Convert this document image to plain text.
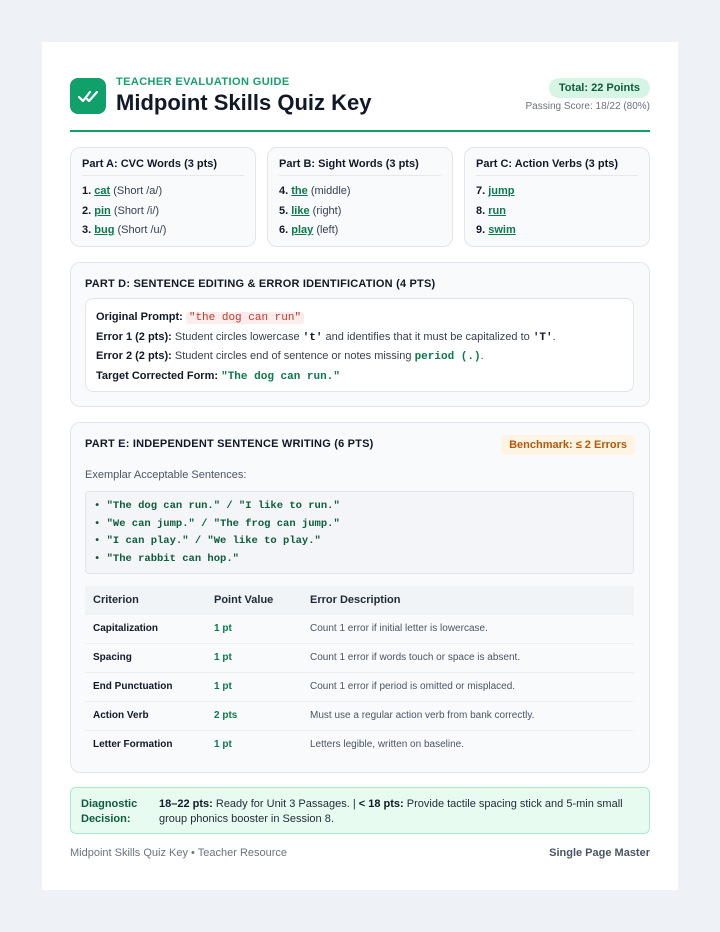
TEACHER EVALUATION GUIDE
Midpoint Skills Quiz Key
Total: 22 Points
Passing Score: 18/22 (80%)
Part A: CVC Words (3 pts)
1. cat (Short /a/)
2. pin (Short /i/)
3. bug (Short /u/)
Part B: Sight Words (3 pts)
4. the (middle)
5. like (right)
6. play (left)
Part C: Action Verbs (3 pts)
7. jump
8. run
9. swim
PART D: SENTENCE EDITING & ERROR IDENTIFICATION (4 PTS)
Original Prompt: "the dog can run"
Error 1 (2 pts): Student circles lowercase 't' and identifies that it must be capitalized to 'T'.
Error 2 (2 pts): Student circles end of sentence or notes missing period (.).
Target Corrected Form: "The dog can run."
PART E: INDEPENDENT SENTENCE WRITING (6 PTS)	Benchmark: ≤ 2 Errors
Exemplar Acceptable Sentences:
• "The dog can run." / "I like to run."
• "We can jump." / "The frog can jump."
• "I can play." / "We like to play."
• "The rabbit can hop."
Criterion	Point Value	Error Description
Capitalization	1 pt	Count 1 error if initial letter is lowercase.
Spacing	1 pt	Count 1 error if words touch or space is absent.
End Punctuation	1 pt	Count 1 error if period is omitted or misplaced.
Action Verb	2 pts	Must use a regular action verb from bank correctly.
Letter Formation	1 pt	Letters legible, written on baseline.
Diagnostic Decision:
18–22 pts: Ready for Unit 3 Passages. | < 18 pts: Provide tactile spacing stick and 5-min small group phonics booster in Session 8.
Midpoint Skills Quiz Key • Teacher Resource	Single Page Master
